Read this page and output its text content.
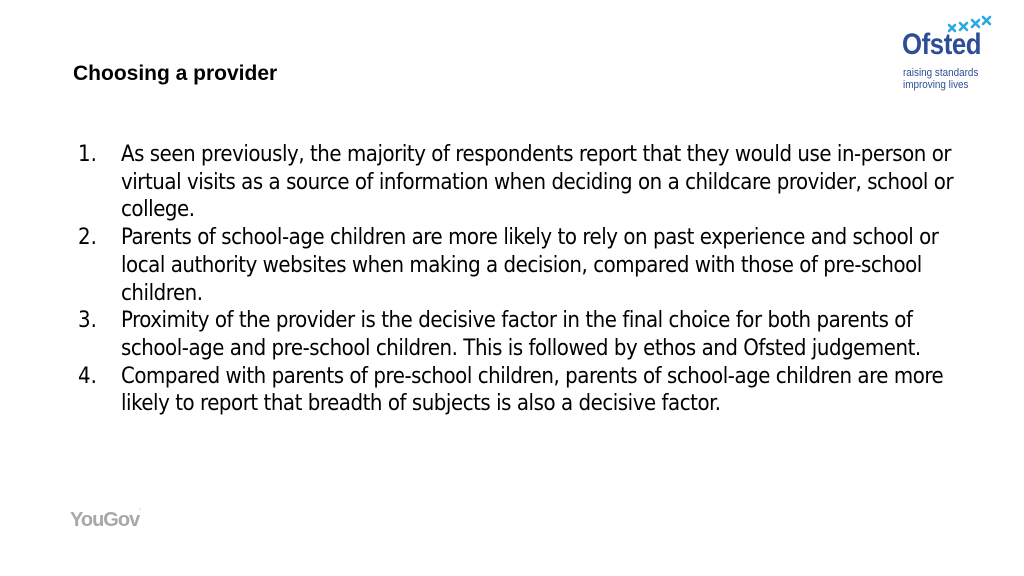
Choosing a provider
Ofsted
raising standards
improving lives
1. As seen previously, the majority of respondents report that they would use in-person or virtual visits as a source of information when deciding on a childcare provider, school or college.
2. Parents of school-age children are more likely to rely on past experience and school or local authority websites when making a decision, compared with those of pre-school children.
3. Proximity of the provider is the decisive factor in the final choice for both parents of school-age and pre-school children. This is followed by ethos and Ofsted judgement.
4. Compared with parents of pre-school children, parents of school-age children are more likely to report that breadth of subjects is also a decisive factor.
YouGov'
